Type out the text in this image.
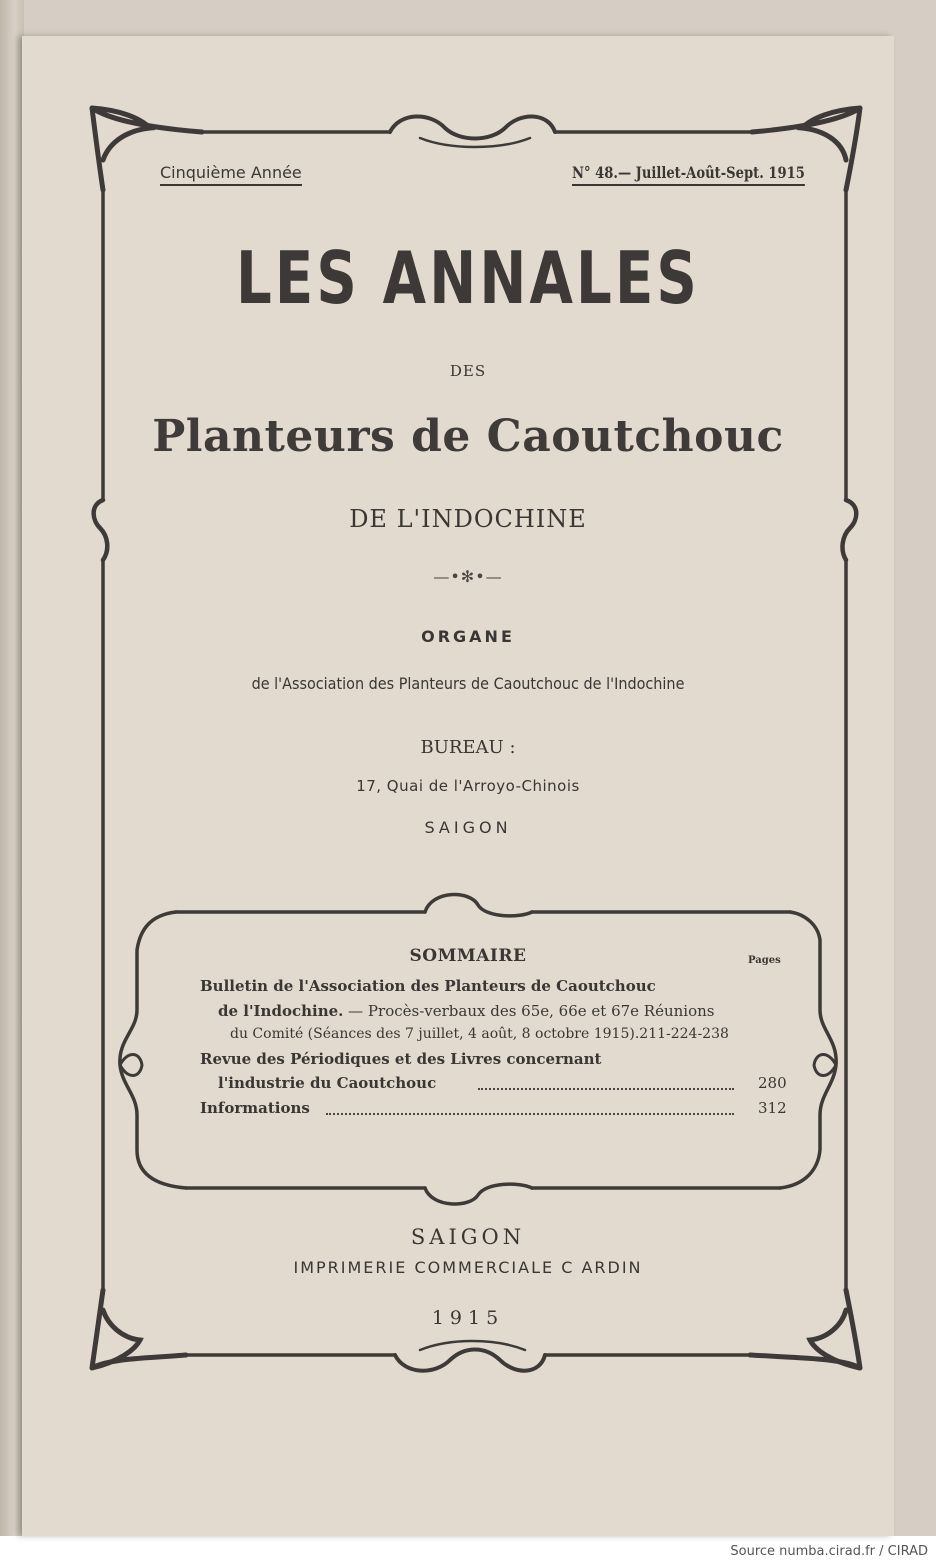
Cinquième Année	N° 48.— Juillet-Août-Sept. 1915
LES ANNALES
DES
Planteurs de Caoutchouc
DE L'INDOCHINE
—•✻•—
ORGANE
de l'Association des Planteurs de Caoutchouc de l'Indochine
BUREAU :
17, Quai de l'Arroyo-Chinois
SAIGON
SOMMAIRE	Pages
Bulletin de l'Association des Planteurs de Caoutchouc
de l'Indochine. — Procès-verbaux des 65e, 66e et 67e Réunions
du Comité (Séances des 7 juillet, 4 août, 8 octobre 1915).211-224-238
Revue des Périodiques et des Livres concernant
l'industrie du Caoutchouc	280
Informations	312
SAIGON
IMPRIMERIE COMMERCIALE C ARDIN
1915
Source numba.cirad.fr / CIRAD
